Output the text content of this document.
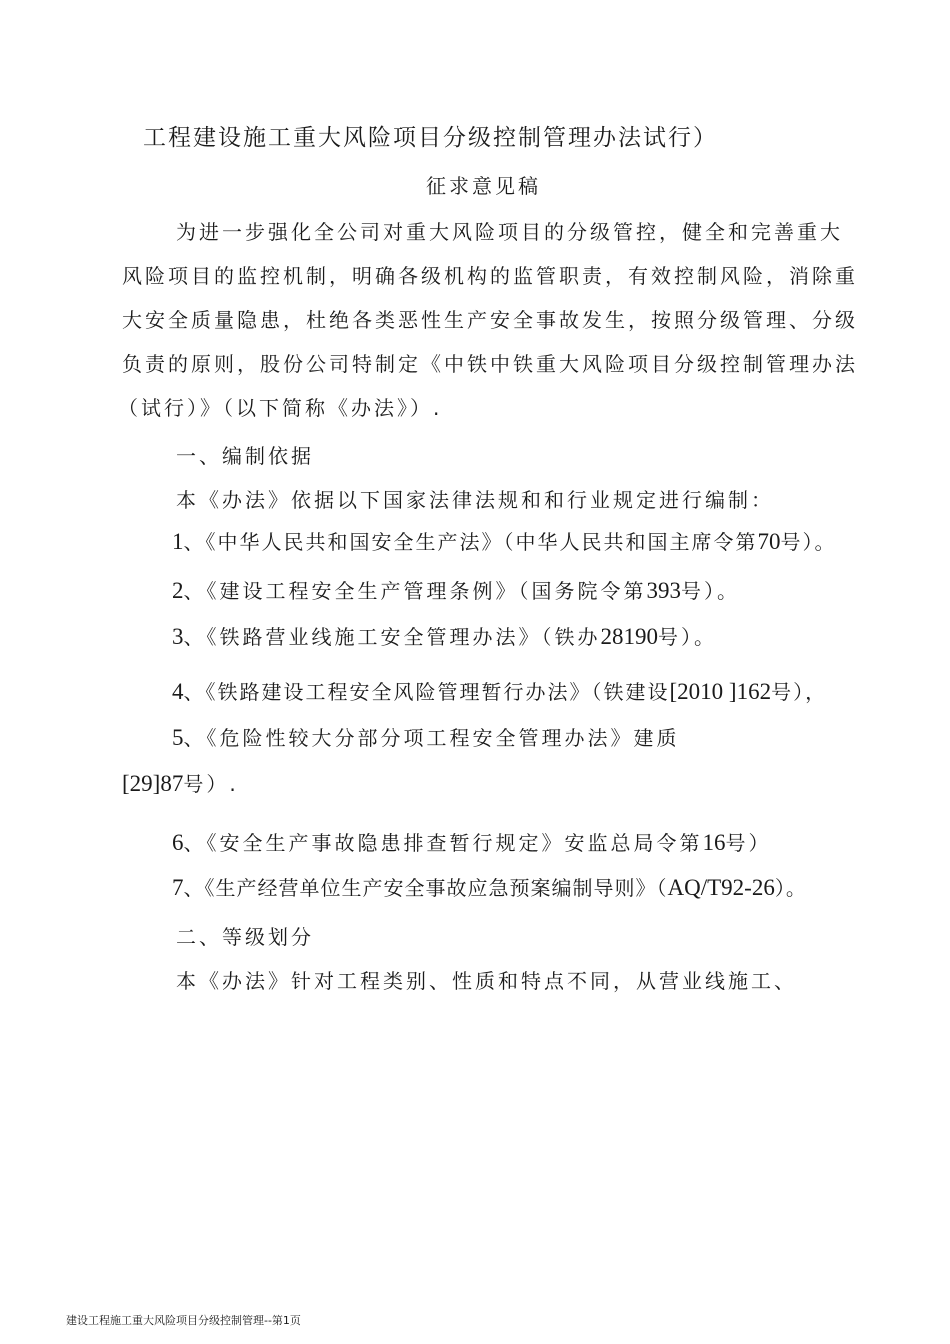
工程建设施工重大风险项目分级控制管理办法试行）
征求意见稿
为进一步强化全公司对重大风险项目的分级管控，健全和完善重大
风险项目的监控机制，明确各级机构的监管职责，有效控制风险，消除重
大安全质量隐患，杜绝各类恶性生产安全事故发生，按照分级管理、分级
负责的原则，股份公司特制定《中铁中铁重大风险项目分级控制管理办法
（试行）》（以下简称《办法》）.
一、编制依据
本《办法》依据以下国家法律法规和和行业规定进行编制：
1、《中华人民共和国安全生产法》（中华人民共和国主席令第70号）。
2、《建设工程安全生产管理条例》（国务院令第393号）。
3、《铁路营业线施工安全管理办法》（铁办28190号）。
4、《铁路建设工程安全风险管理暂行办法》（铁建设[2010 ]162号），
5、《危险性较大分部分项工程安全管理办法》建质
[29]87号）.
6、《安全生产事故隐患排查暂行规定》安监总局令第16号）
7、《生产经营单位生产安全事故应急预案编制导则》（AQ/T92-26）。
二、等级划分
本《办法》针对工程类别、性质和特点不同，从营业线施工、
建设工程施工重大风险项目分级控制管理--第1页
